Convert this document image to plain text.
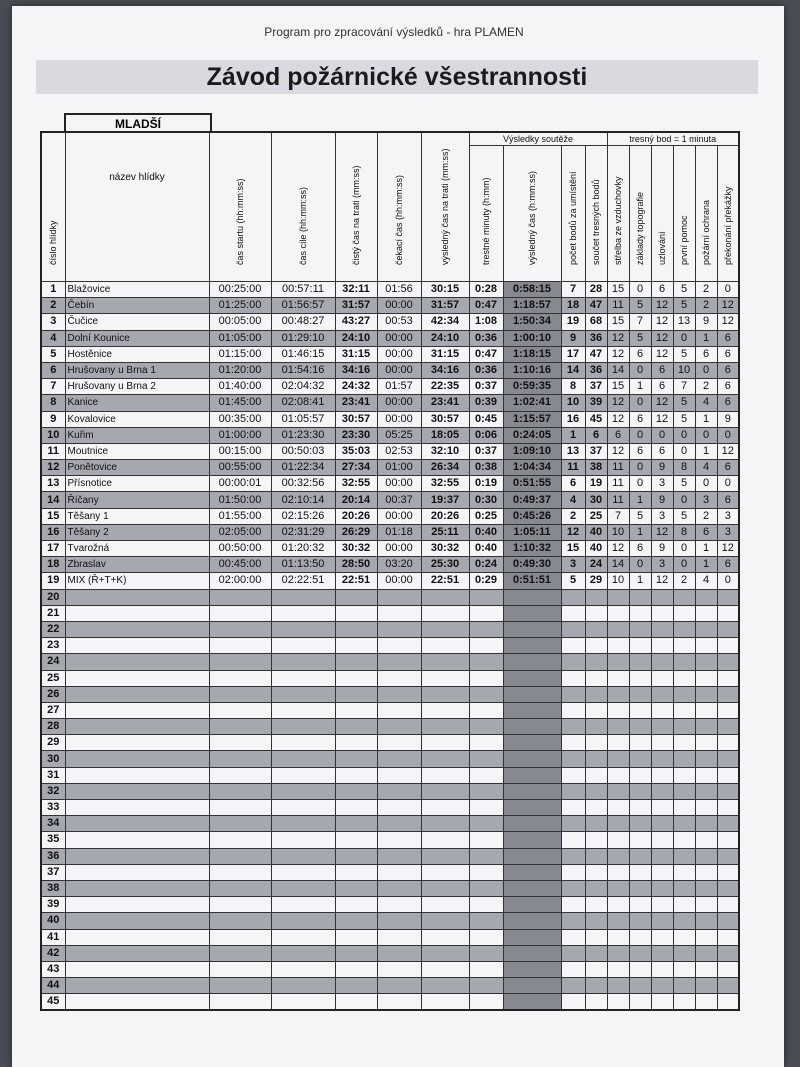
Program pro zpracování výsledků - hra PLAMEN
Závod požárnické všestrannosti
MLADŠÍ
číslo hlídky	název hlídky	čas startu (hh:mm:ss)	čas cíle (hh:mm:ss)	čistý čas na trati (mm:ss)	čekací čas (hh:mm:ss)	výsledný čas na trati (mm:ss)	Výsledky soutěže				tresný bod = 1 minuta					

							trestné minuty (h:mm)	výsledný čas (h:mm:ss)	počet bodů za umístění	součet tresných bodů	střelba ze vzduchovky	základy topografie	uzlování	první pomoc	požární ochrana	překonání překážky

1	Blažovice	00:25:00	00:57:11	32:11	01:56	30:15	0:28	0:58:15	7	28	15	0	6	5	2	0
2	Čebín	01:25:00	01:56:57	31:57	00:00	31:57	0:47	1:18:57	18	47	11	5	12	5	2	12
3	Čučice	00:05:00	00:48:27	43:27	00:53	42:34	1:08	1:50:34	19	68	15	7	12	13	9	12
4	Dolní Kounice	01:05:00	01:29:10	24:10	00:00	24:10	0:36	1:00:10	9	36	12	5	12	0	1	6
5	Hostěnice	01:15:00	01:46:15	31:15	00:00	31:15	0:47	1:18:15	17	47	12	6	12	5	6	6
6	Hrušovany u Brna 1	01:20:00	01:54:16	34:16	00:00	34:16	0:36	1:10:16	14	36	14	0	6	10	0	6
7	Hrušovany u Brna 2	01:40:00	02:04:32	24:32	01:57	22:35	0:37	0:59:35	8	37	15	1	6	7	2	6
8	Kanice	01:45:00	02:08:41	23:41	00:00	23:41	0:39	1:02:41	10	39	12	0	12	5	4	6
9	Kovalovice	00:35:00	01:05:57	30:57	00:00	30:57	0:45	1:15:57	16	45	12	6	12	5	1	9
10	Kuřim	01:00:00	01:23:30	23:30	05:25	18:05	0:06	0:24:05	1	6	6	0	0	0	0	0
11	Moutnice	00:15:00	00:50:03	35:03	02:53	32:10	0:37	1:09:10	13	37	12	6	6	0	1	12
12	Ponětovice	00:55:00	01:22:34	27:34	01:00	26:34	0:38	1:04:34	11	38	11	0	9	8	4	6
13	Přísnotice	00:00:01	00:32:56	32:55	00:00	32:55	0:19	0:51:55	6	19	11	0	3	5	0	0
14	Říčany	01:50:00	02:10:14	20:14	00:37	19:37	0:30	0:49:37	4	30	11	1	9	0	3	6
15	Těšany 1	01:55:00	02:15:26	20:26	00:00	20:26	0:25	0:45:26	2	25	7	5	3	5	2	3
16	Těšany 2	02:05:00	02:31:29	26:29	01:18	25:11	0:40	1:05:11	12	40	10	1	12	8	6	3
17	Tvarožná	00:50:00	01:20:32	30:32	00:00	30:32	0:40	1:10:32	15	40	12	6	9	0	1	12
18	Zbraslav	00:45:00	01:13:50	28:50	03:20	25:30	0:24	0:49:30	3	24	14	0	3	0	1	6
19	MIX (Ř+T+K)	02:00:00	02:22:51	22:51	00:00	22:51	0:29	0:51:51	5	29	10	1	12	2	4	0
20																
21																
22																
23																
24																
25																
26																
27																
28																
29																
30																
31																
32																
33																
34																
35																
36																
37																
38																
39																
40																
41																
42																
43																
44																
45																
